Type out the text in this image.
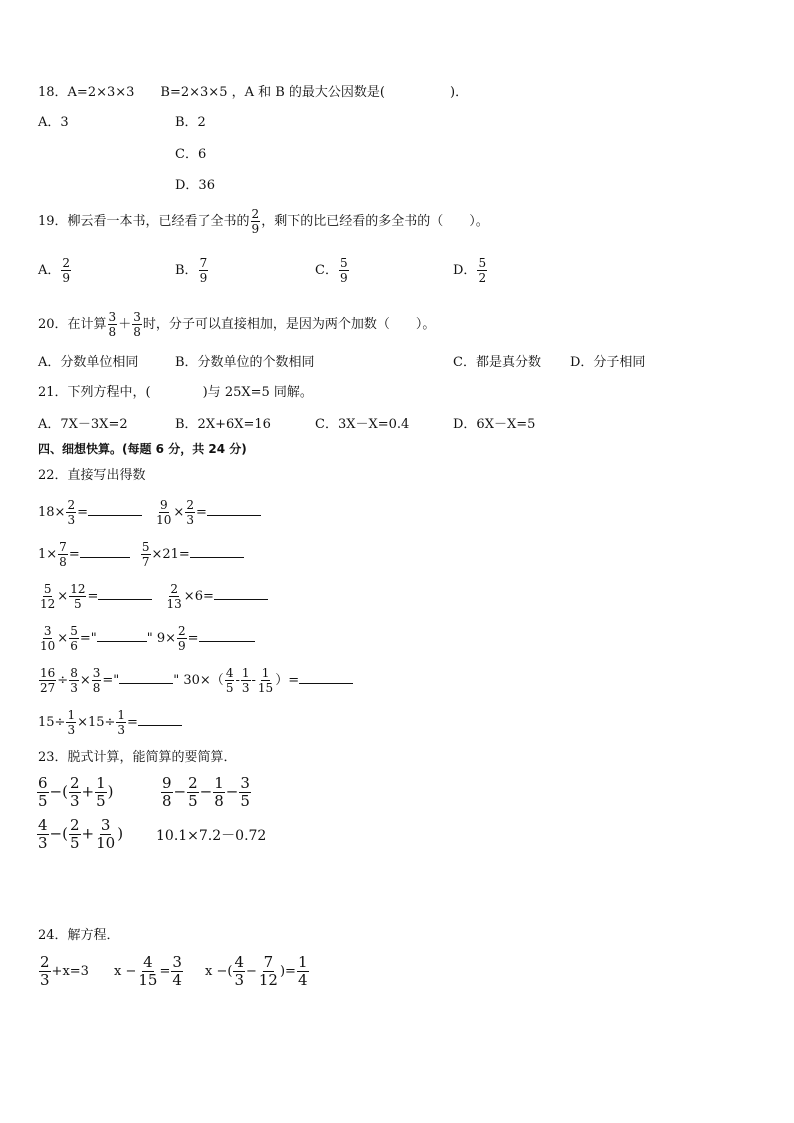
18．A=2×3×3　　B=2×3×5 ，A 和 B 的最大公因数是(　　　　　)．
A．3	B．2
C．6
D．36
19．柳云看一本书，已经看了全书的 $\frac{2}{9}$ ，剩下的比已经看的多全书的（　　）。
A． $\frac{2}{9}$	B． $\frac{7}{9}$	C． $\frac{5}{9}$	D． $\frac{5}{2}$
20．在计算 $\frac{3}{8} + \frac{3}{8}$ 时，分子可以直接相加，是因为两个加数（　　）。
A．分数单位相同	B．分数单位的个数相同	C．都是真分数 D．分子相同
21．下列方程中，(　　　　)与 25X=5 同解。
A．7X－3X=2	B．2X+6X=16	C．3X－X=0.4	D．6X－X=5
四、细想快算。(每题 6 分，共 24 分)
22．直接写出得数
$18\times \frac{2}{3}$ =	$\frac{9}{10} \times \frac{2}{3}$ =
$1\times \frac{7}{8}$ =	$\frac{5}{7} \times 21=$
$\frac{5}{12} \times \frac{12}{5}$ =	$\frac{2}{13} \times 6=$
$\frac{3}{10} \times \frac{5}{6}$ ="	" $9\times \frac{2}{9}$ =
$\frac{16}{27} \div \frac{8}{3} \times \frac{3}{8}$ ="	" $30\times( \frac{4}{5} - \frac{1}{3} - \frac{1}{15}$ ）=
$15\div \frac{1}{3} \times 15\div \frac{1}{3}$ =
23．脱式计算，能简算的要简算．
$\frac{6}{5}$ −( $\frac{2}{3} + \frac{1}{5}$ )	$\frac{9}{8} - \frac{2}{5} - \frac{1}{8} - \frac{3}{5}$
$\frac{4}{3}$ −( $\frac{2}{5} + \frac{3}{10}$ ) 10.1×7.2－0.72
24．解方程．
$\frac{2}{3} +x=3$ $x - \frac{4}{15} = \frac{3}{4}$ x −( $\frac{4}{3} - \frac{7}{12}$ )= $\frac{1}{4}$
